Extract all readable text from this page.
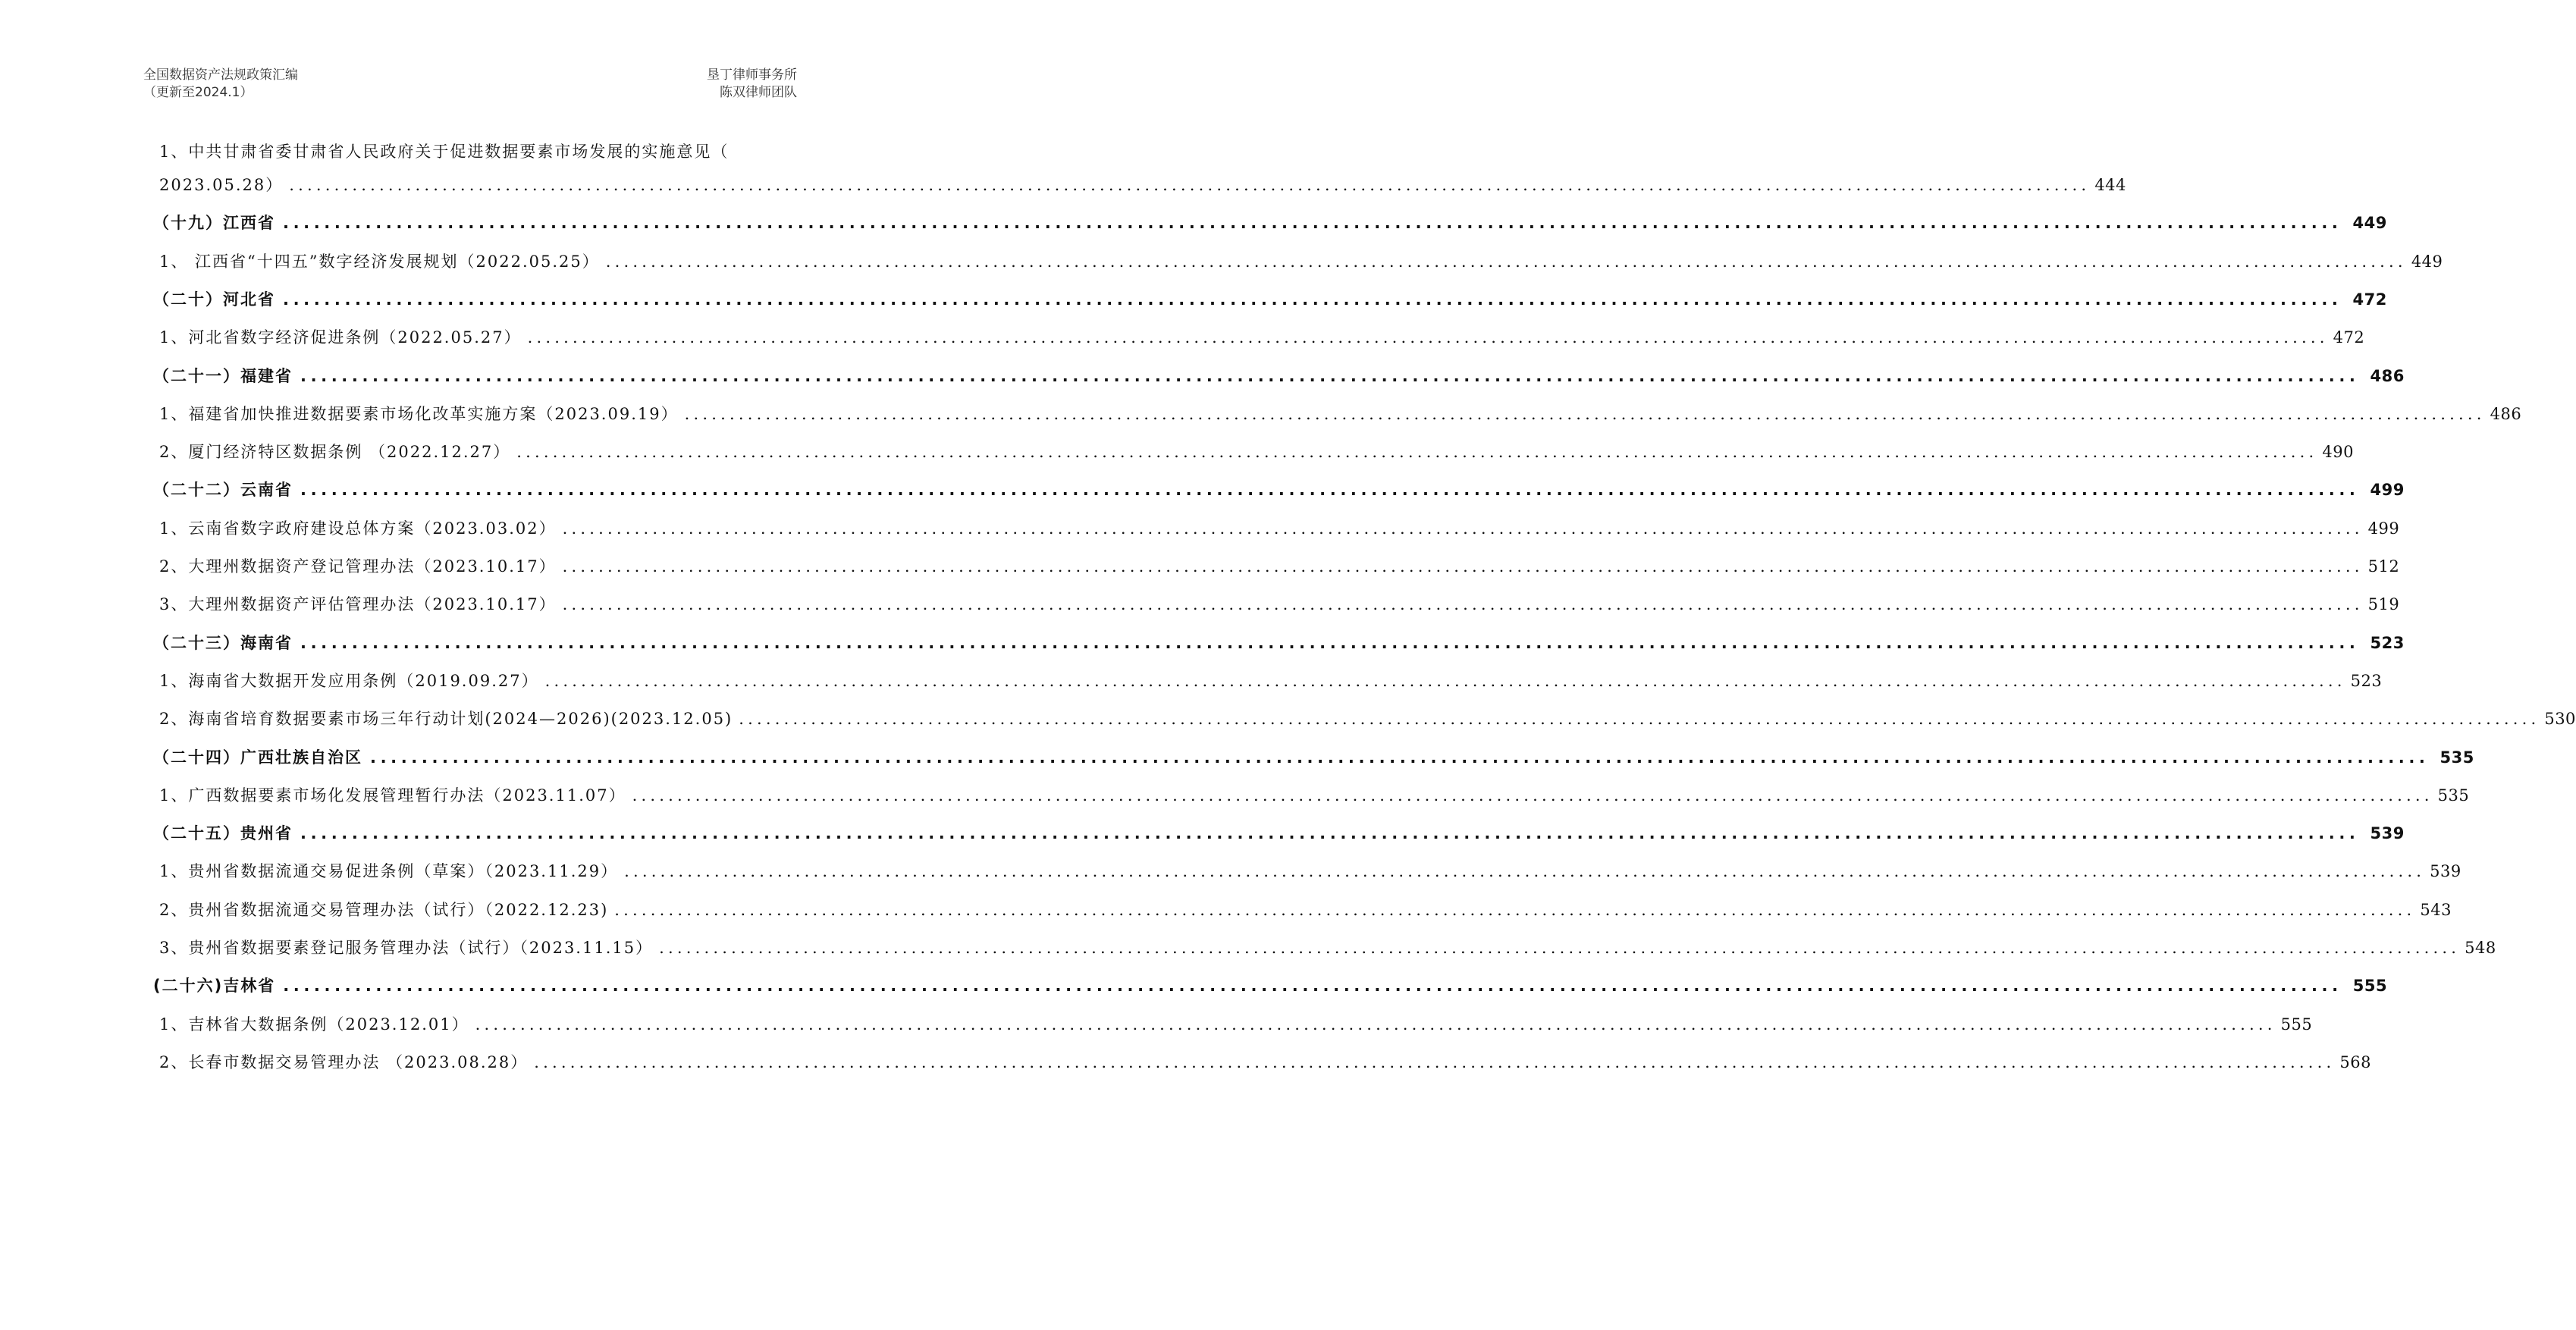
全国数据资产法规政策汇编
（更新至2024.1）
垦丁律师事务所
陈双律师团队
1、中共甘肃省委甘肃省人民政府关于促进数据要素市场发展的实施意见（
2023.05.28） ........................................................................................................................................................................................................ 444
（十九）江西省 ........................................................................................................................................................................................................ 449
1、 江西省“十四五”数字经济发展规划（2022.05.25） ........................................................................................................................................................................................................ 449
（二十）河北省 ........................................................................................................................................................................................................ 472
1、河北省数字经济促进条例（2022.05.27） ........................................................................................................................................................................................................ 472
（二十一）福建省 ........................................................................................................................................................................................................ 486
1、福建省加快推进数据要素市场化改革实施方案（2023.09.19） ........................................................................................................................................................................................................ 486
2、厦门经济特区数据条例 （2022.12.27） ........................................................................................................................................................................................................ 490
（二十二）云南省 ........................................................................................................................................................................................................ 499
1、云南省数字政府建设总体方案（2023.03.02） ........................................................................................................................................................................................................ 499
2、大理州数据资产登记管理办法（2023.10.17） ........................................................................................................................................................................................................ 512
3、大理州数据资产评估管理办法（2023.10.17） ........................................................................................................................................................................................................ 519
（二十三）海南省 ........................................................................................................................................................................................................ 523
1、海南省大数据开发应用条例（2019.09.27） ........................................................................................................................................................................................................ 523
2、海南省培育数据要素市场三年行动计划(2024—2026)(2023.12.05) ........................................................................................................................................................................................................ 530
（二十四）广西壮族自治区 ........................................................................................................................................................................................................ 535
1、广西数据要素市场化发展管理暂行办法（2023.11.07） ........................................................................................................................................................................................................ 535
（二十五）贵州省 ........................................................................................................................................................................................................ 539
1、贵州省数据流通交易促进条例（草案）（2023.11.29） ........................................................................................................................................................................................................ 539
2、贵州省数据流通交易管理办法（试行）（2022.12.23) ........................................................................................................................................................................................................ 543
3、贵州省数据要素登记服务管理办法（试行）（2023.11.15） ........................................................................................................................................................................................................ 548
(二十六)吉林省 ........................................................................................................................................................................................................ 555
1、吉林省大数据条例（2023.12.01） ........................................................................................................................................................................................................ 555
2、长春市数据交易管理办法 （2023.08.28） ........................................................................................................................................................................................................ 568
